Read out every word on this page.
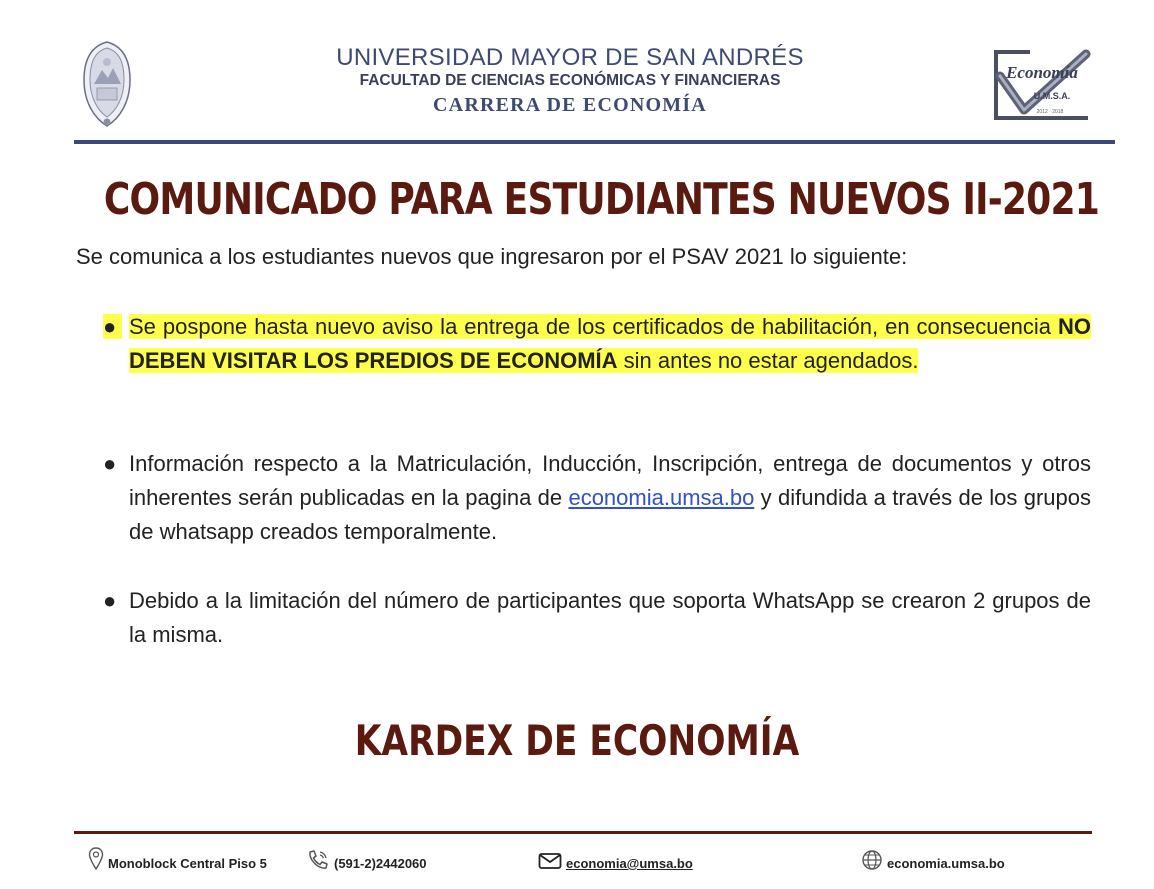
UNIVERSIDAD MAYOR DE SAN ANDRÉS
FACULTAD DE CIENCIAS ECONÓMICAS Y FINANCIERAS
CARRERA DE ECONOMÍA
Economía
U.M.S.A.
2012 · 2018
COMUNICADO PARA ESTUDIANTES NUEVOS II-2021
Se comunica a los estudiantes nuevos que ingresaron por el PSAV 2021 lo siguiente:
● Se pospone hasta nuevo aviso la entrega de los certificados de habilitación, en consecuencia NO DEBEN VISITAR LOS PREDIOS DE ECONOMÍA sin antes no estar agendados.
● Información respecto a la Matriculación, Inducción, Inscripción, entrega de documentos y otros inherentes serán publicadas en la pagina de economia.umsa.bo y difundida a través de los grupos de whatsapp creados temporalmente.
● Debido a la limitación del número de participantes que soporta WhatsApp se crearon 2 grupos de la misma.
KARDEX DE ECONOMÍA
Monoblock Central Piso 5	(591-2)2442060	economia@umsa.bo	economia.umsa.bo
